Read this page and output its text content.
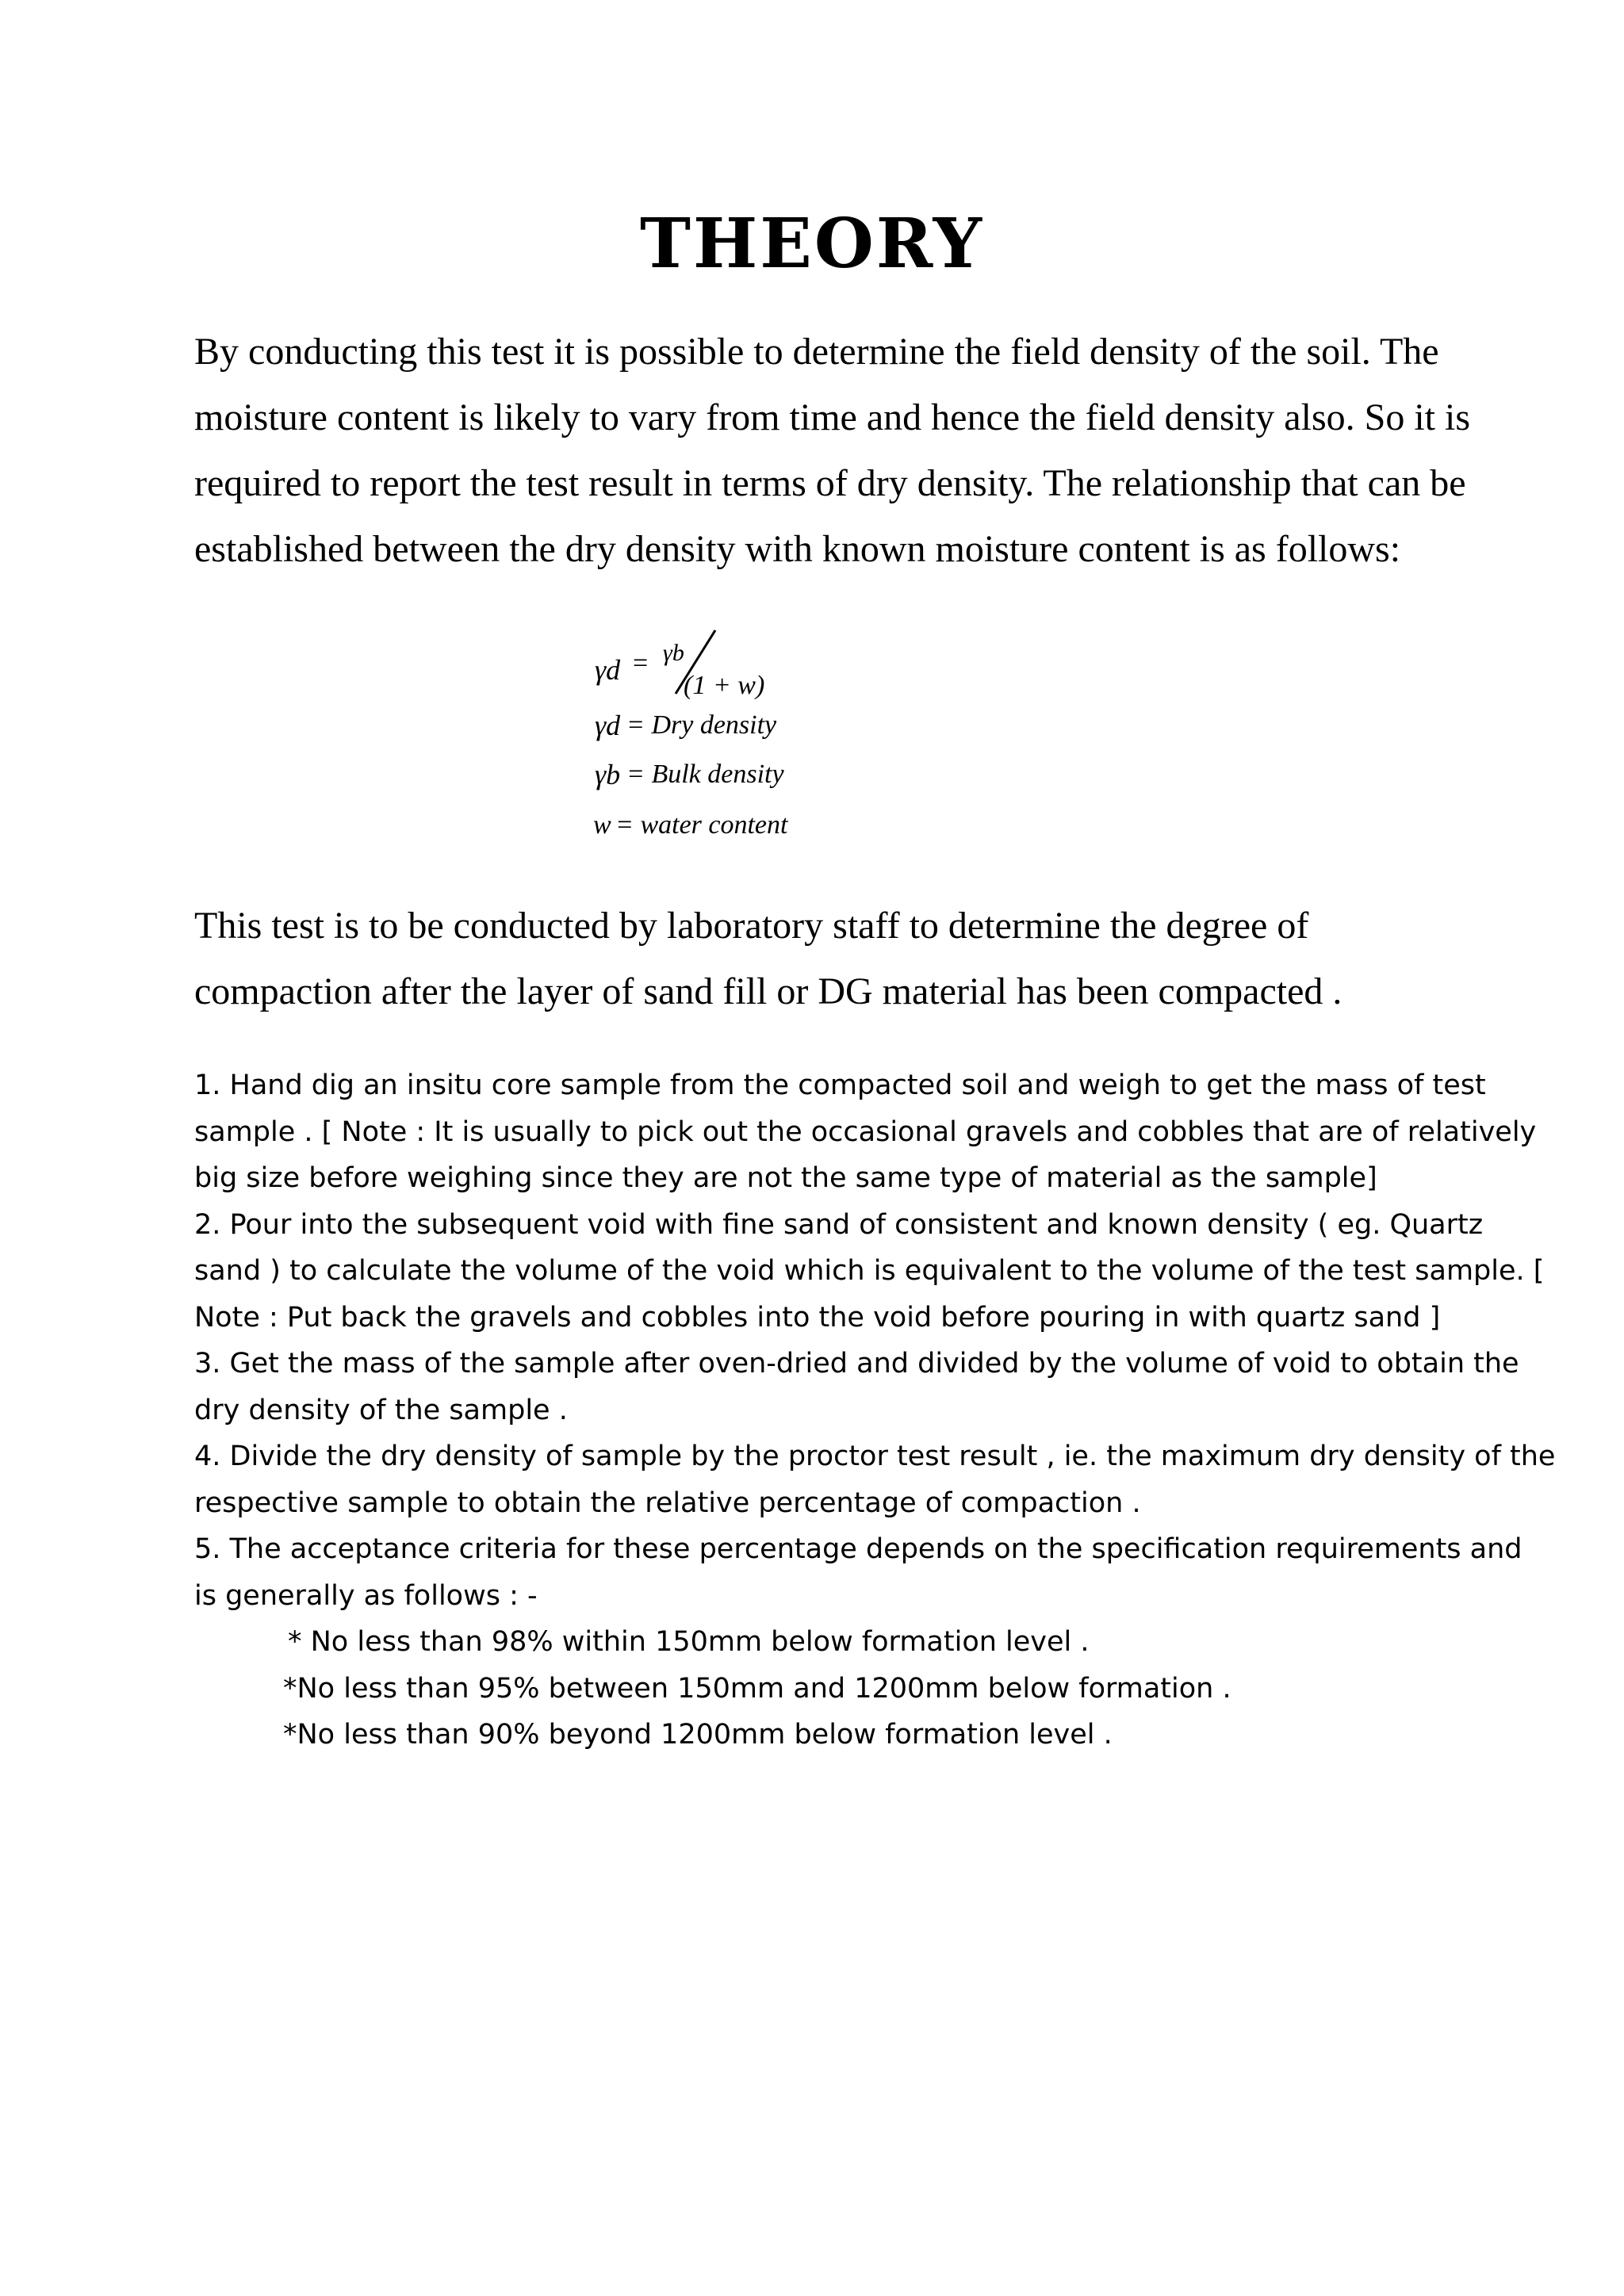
THEORY
By conducting this test it is possible to determine the field density of the soil. The
moisture content is likely to vary from time and hence the field density also. So it is
required to report the test result in terms of dry density. The relationship that can be
established between the dry density with known moisture content is as follows:
γd = γb
(1 + w)
γd = Dry density
γb = Bulk density
w = water content
This test is to be conducted by laboratory staff to determine the degree of
compaction after the layer of sand fill or DG material has been compacted .
1. Hand dig an insitu core sample from the compacted soil and weigh to get the mass of test
sample . [ Note : It is usually to pick out the occasional gravels and cobbles that are of relatively
big size before weighing since they are not the same type of material as the sample]
2. Pour into the subsequent void with fine sand of consistent and known density ( eg. Quartz
sand ) to calculate the volume of the void which is equivalent to the volume of the test sample. [
Note : Put back the gravels and cobbles into the void before pouring in with quartz sand ]
3. Get the mass of the sample after oven-dried and divided by the volume of void to obtain the
dry density of the sample .
4. Divide the dry density of sample by the proctor test result , ie. the maximum dry density of the
respective sample to obtain the relative percentage of compaction .
5. The acceptance criteria for these percentage depends on the specification requirements and
is generally as follows : -
* No less than 98% within 150mm below formation level .
*No less than 95% between 150mm and 1200mm below formation .
*No less than 90% beyond 1200mm below formation level .
